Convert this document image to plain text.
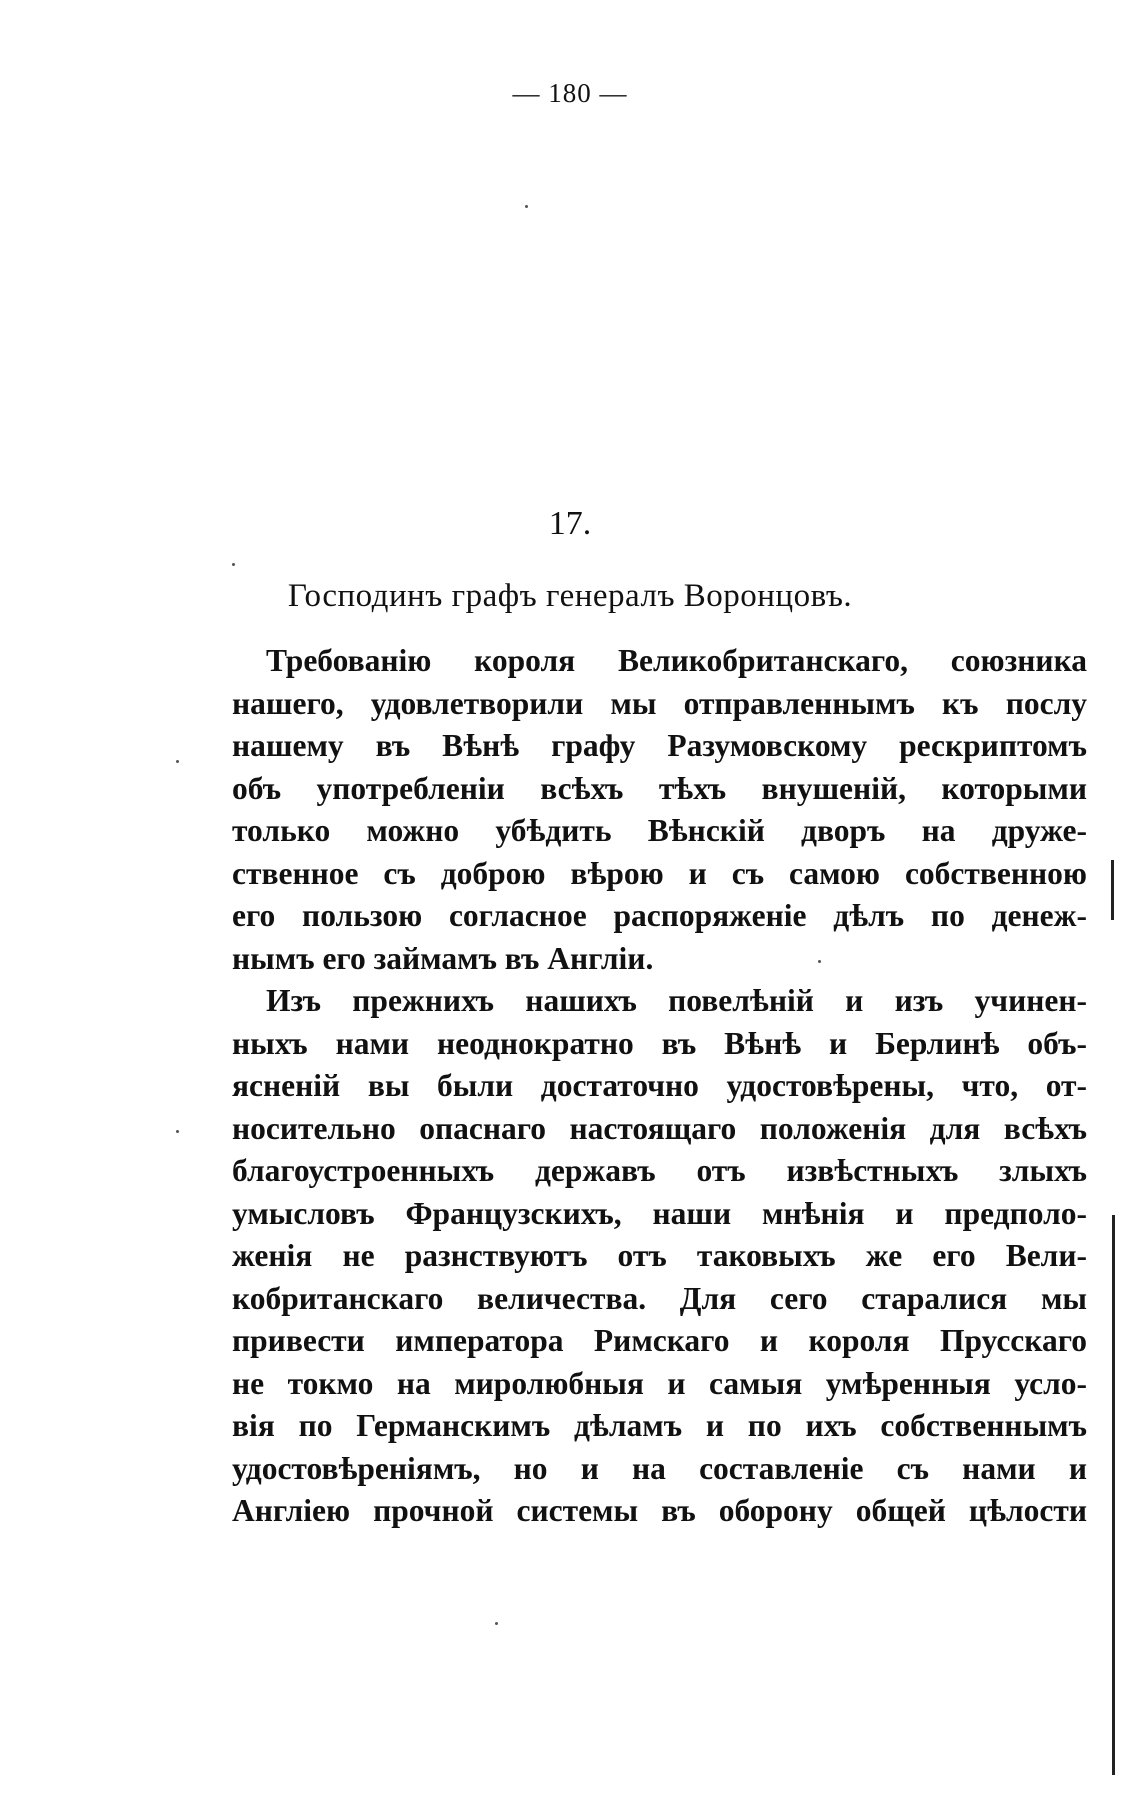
— 180 —
17.
Господинъ графъ генералъ Воронцовъ.
Требованію короля Великобританскаго, союзника
нашего, удовлетворили мы отправленнымъ къ послу
нашему въ Вѣнѣ графу Разумовскому рескриптомъ
объ употребленіи всѣхъ тѣхъ внушеній, которыми
только можно убѣдить Вѣнскій дворъ на друже-
ственное съ доброю вѣрою и съ самою собственною
его пользою согласное распоряженіе дѣлъ по денеж-
нымъ его займамъ въ Англіи.
Изъ прежнихъ нашихъ повелѣній и изъ учинен-
ныхъ нами неоднократно въ Вѣнѣ и Берлинѣ объ-
ясненій вы были достаточно удостовѣрены, что, от-
носительно опаснаго настоящаго положенія для всѣхъ
благоустроенныхъ державъ отъ извѣстныхъ злыхъ
умысловъ Французскихъ, наши мнѣнія и предполо-
женія не разнствуютъ отъ таковыхъ же его Вели-
кобританскаго величества. Для сего старалися мы
привести императора Римскаго и короля Прусскаго
не токмо на миролюбныя и самыя умѣренныя усло-
вія по Германскимъ дѣламъ и по ихъ собственнымъ
удостовѣреніямъ, но и на составленіе съ нами и
Англіею прочной системы въ оборону общей цѣлости
